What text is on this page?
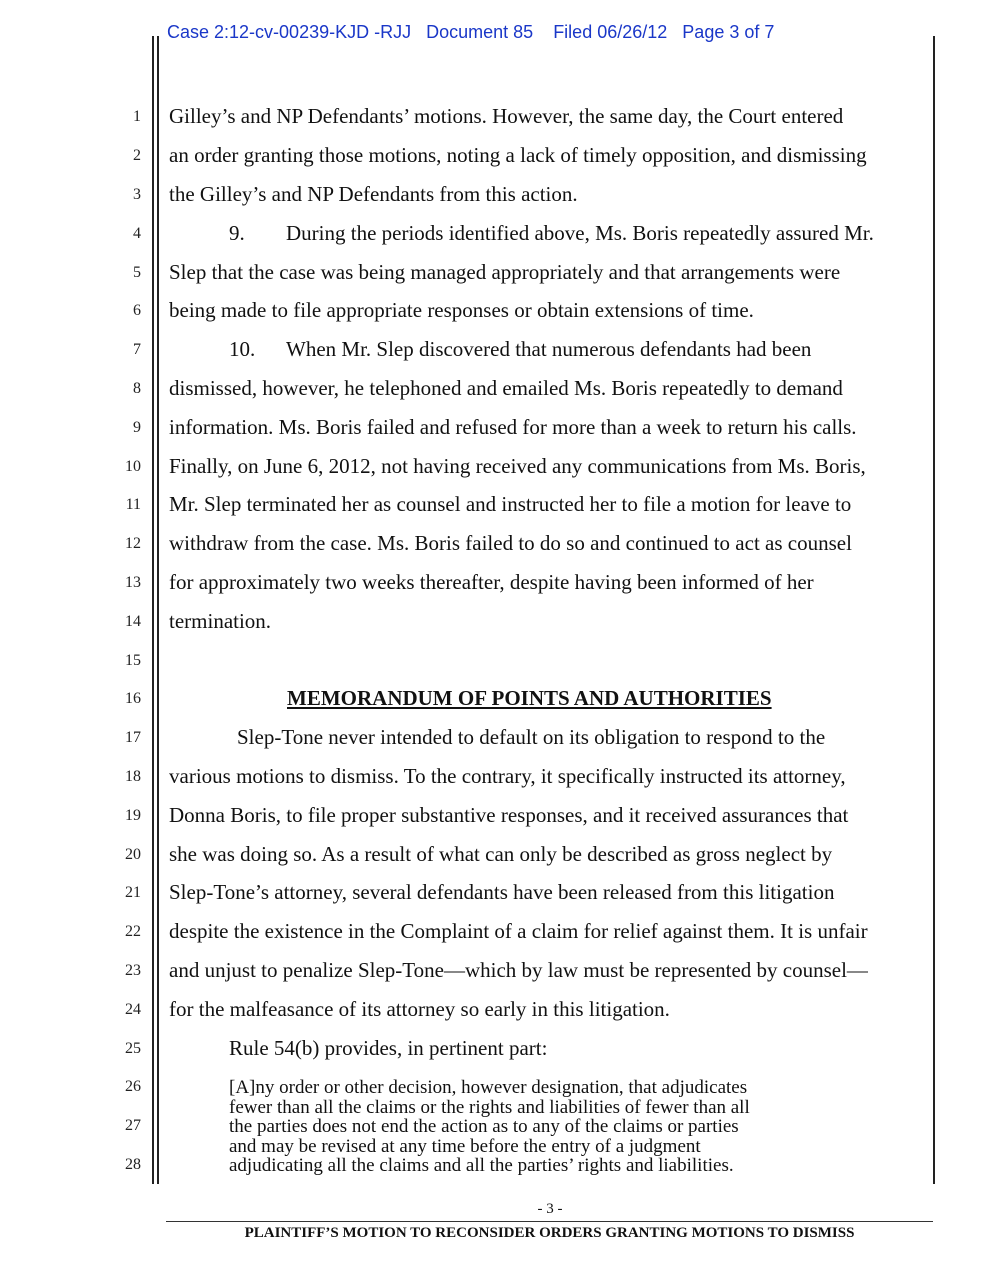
Case 2:12-cv-00239-KJD -RJJ Document 85 Filed 06/26/12 Page 3 of 7
1
2
3
4
5
6
7
8
9
10
11
12
13
14
15
16
17
18
19
20
21
22
23
24
25
26
27
28
Gilley’s and NP Defendants’ motions. However, the same day, the Court entered
an order granting those motions, noting a lack of timely opposition, and dismissing
the Gilley’s and NP Defendants from this action.
9. During the periods identified above, Ms. Boris repeatedly assured Mr.
Slep that the case was being managed appropriately and that arrangements were
being made to file appropriate responses or obtain extensions of time.
10. When Mr. Slep discovered that numerous defendants had been
dismissed, however, he telephoned and emailed Ms. Boris repeatedly to demand
information. Ms. Boris failed and refused for more than a week to return his calls.
Finally, on June 6, 2012, not having received any communications from Ms. Boris,
Mr. Slep terminated her as counsel and instructed her to file a motion for leave to
withdraw from the case. Ms. Boris failed to do so and continued to act as counsel
for approximately two weeks thereafter, despite having been informed of her
termination.
MEMORANDUM OF POINTS AND AUTHORITIES
Slep-Tone never intended to default on its obligation to respond to the
various motions to dismiss. To the contrary, it specifically instructed its attorney,
Donna Boris, to file proper substantive responses, and it received assurances that
she was doing so. As a result of what can only be described as gross neglect by
Slep-Tone’s attorney, several defendants have been released from this litigation
despite the existence in the Complaint of a claim for relief against them. It is unfair
and unjust to penalize Slep-Tone—which by law must be represented by counsel—
for the malfeasance of its attorney so early in this litigation.
Rule 54(b) provides, in pertinent part:
[A]ny order or other decision, however designation, that adjudicates
fewer than all the claims or the rights and liabilities of fewer than all
the parties does not end the action as to any of the claims or parties
and may be revised at any time before the entry of a judgment
adjudicating all the claims and all the parties’ rights and liabilities.
- 3 -
PLAINTIFF’S MOTION TO RECONSIDER ORDERS GRANTING MOTIONS TO DISMISS
